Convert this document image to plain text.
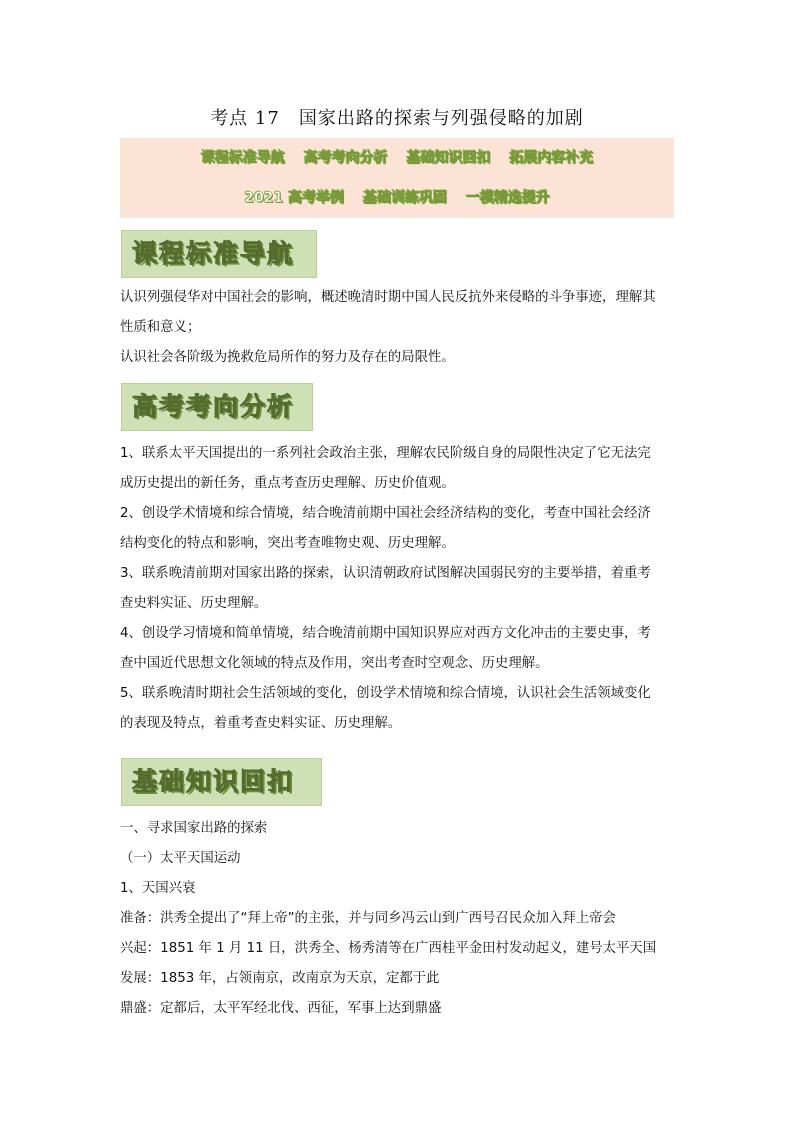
考点 17　国家出路的探索与列强侵略的加剧
课程标准导航 高考考向分析 基础知识回扣 拓展内容补充
2021 高考举例 基础训练巩固 一模精选提升
课程标准导航

认识列强侵华对中国社会的影响，概述晚清时期中国人民反抗外来侵略的斗争事迹，理解其

性质和意义；

认识社会各阶级为挽救危局所作的努力及存在的局限性。

高考考向分析

1、联系太平天国提出的一系列社会政治主张，理解农民阶级自身的局限性决定了它无法完

成历史提出的新任务，重点考查历史理解、历史价值观。

2、创设学术情境和综合情境，结合晚清前期中国社会经济结构的变化，考查中国社会经济

结构变化的特点和影响，突出考查唯物史观、历史理解。

3、联系晚清前期对国家出路的探索，认识清朝政府试图解决国弱民穷的主要举措，着重考

查史料实证、历史理解。

4、创设学习情境和简单情境，结合晚清前期中国知识界应对西方文化冲击的主要史事，考

查中国近代思想文化领域的特点及作用，突出考查时空观念、历史理解。

5、联系晚清时期社会生活领域的变化，创设学术情境和综合情境，认识社会生活领域变化

的表现及特点，着重考查史料实证、历史理解。

基础知识回扣

一、寻求国家出路的探索

（一）太平天国运动

1、天国兴衰

准备：洪秀全提出了“拜上帝”的主张，并与同乡冯云山到广西号召民众加入拜上帝会

兴起：1851 年 1 月 11 日，洪秀全、杨秀清等在广西桂平金田村发动起义，建号太平天国

发展：1853 年，占领南京，改南京为天京，定都于此

鼎盛：定都后，太平军经北伐、西征，军事上达到鼎盛
